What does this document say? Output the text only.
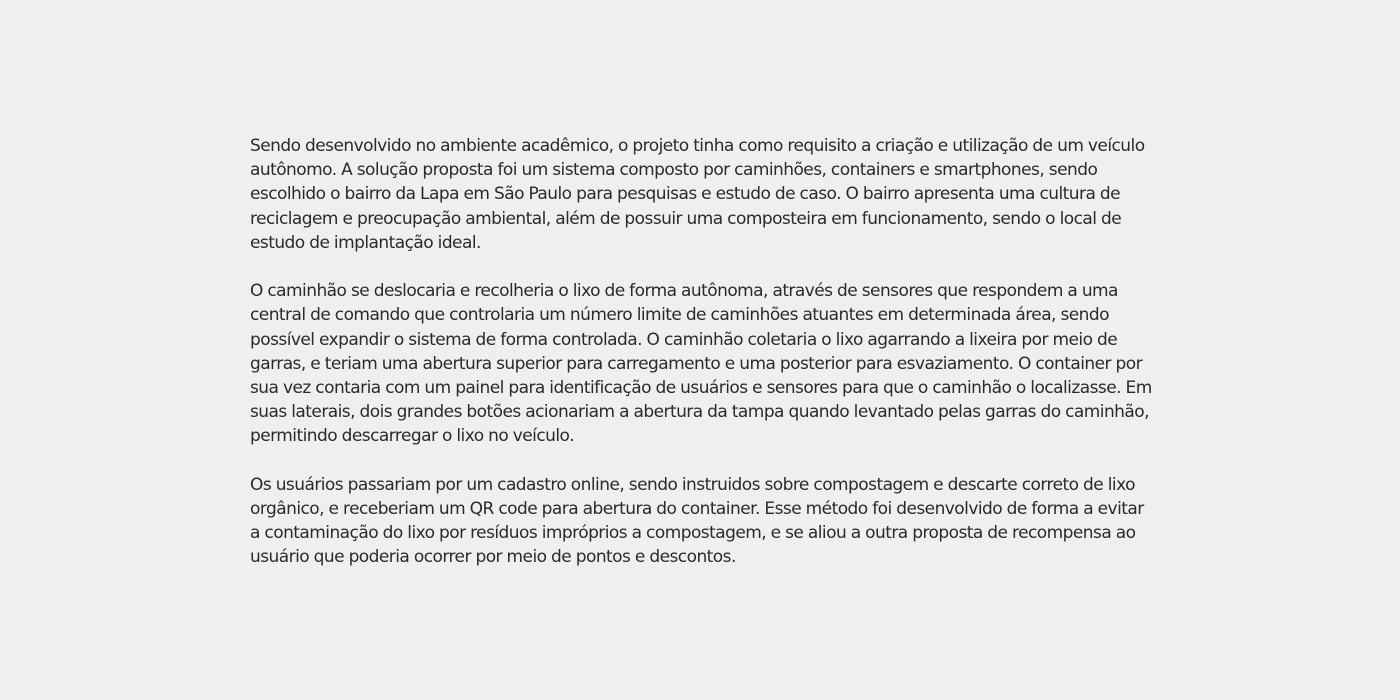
Sendo desenvolvido no ambiente acadêmico, o projeto tinha como requisito a criação e utilização de um veículo
autônomo. A solução proposta foi um sistema composto por caminhões, containers e smartphones, sendo
escolhido o bairro da Lapa em São Paulo para pesquisas e estudo de caso. O bairro apresenta uma cultura de
reciclagem e preocupação ambiental, além de possuir uma composteira em funcionamento, sendo o local de
estudo de implantação ideal.

O caminhão se deslocaria e recolheria o lixo de forma autônoma, através de sensores que respondem a uma
central de comando que controlaria um número limite de caminhões atuantes em determinada área, sendo
possível expandir o sistema de forma controlada. O caminhão coletaria o lixo agarrando a lixeira por meio de
garras, e teriam uma abertura superior para carregamento e uma posterior para esvaziamento. O container por
sua vez contaria com um painel para identificação de usuários e sensores para que o caminhão o localizasse. Em
suas laterais, dois grandes botões acionariam a abertura da tampa quando levantado pelas garras do caminhão,
permitindo descarregar o lixo no veículo.

Os usuários passariam por um cadastro online, sendo instruidos sobre compostagem e descarte correto de lixo
orgânico, e receberiam um QR code para abertura do container. Esse método foi desenvolvido de forma a evitar
a contaminação do lixo por resíduos impróprios a compostagem, e se aliou a outra proposta de recompensa ao
usuário que poderia ocorrer por meio de pontos e descontos.
